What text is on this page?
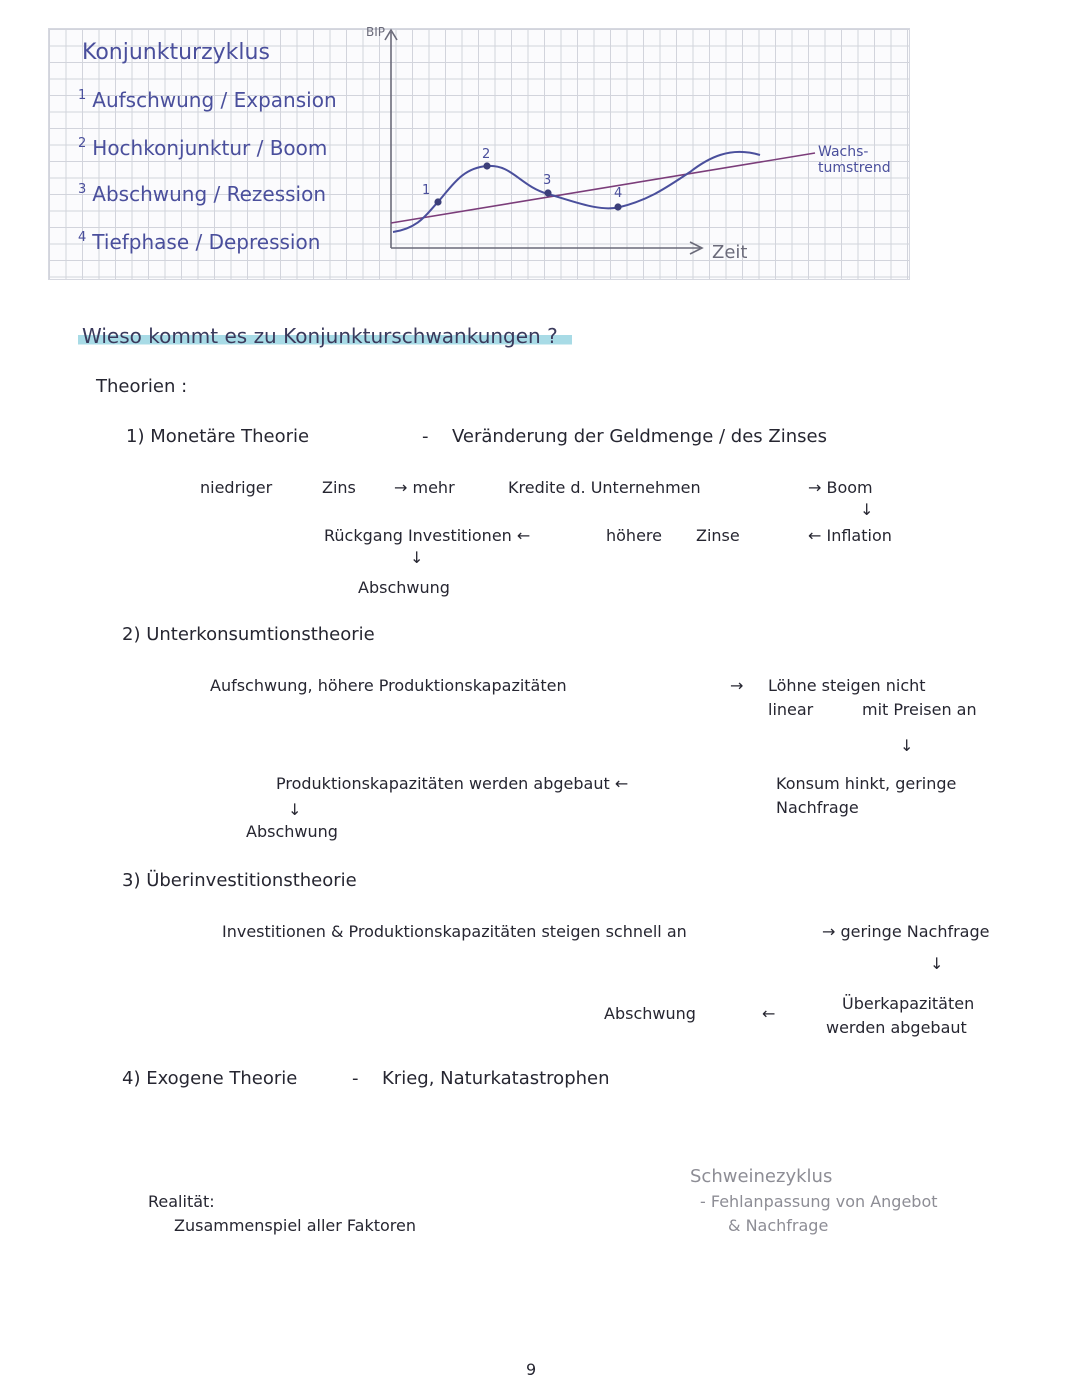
Konjunkturzyklus
$^1$ Aufschwung / Expansion
$^2$ Hochkonjunktur / Boom
$^3$ Abschwung / Rezession
$^4$ Tiefphase / Depression
BIP
Zeit
1
2
3
4
Wachs-tumstrend
Wieso kommt es zu Konjunkturschwankungen ?
Theorien :
1) Monetäre Theorie	- Veränderung der Geldmenge / des Zinses
niedriger	Zins → mehr	Kredite d. Unternehmen	→ Boom
↓
Rückgang Investitionen ←	höhere Zinse	← Inflation
↓
Abschwung
2) Unterkonsumtionstheorie
Aufschwung, höhere Produktionskapazitäten	→ Löhne steigen nicht
linear	mit Preisen an
↓
Produktionskapazitäten werden abgebaut ←	Konsum hinkt, geringe
Nachfrage
↓
Abschwung
3) Überinvestitionstheorie
Investitionen & Produktionskapazitäten steigen schnell an	→ geringe Nachfrage
↓
Abschwung	←
Überkapazitäten
werden abgebaut
4) Exogene Theorie	- Krieg, Naturkatastrophen
Schweinezyklus
- Fehlanpassung von Angebot
& Nachfrage
Realität:
Zusammenspiel aller Faktoren
9
